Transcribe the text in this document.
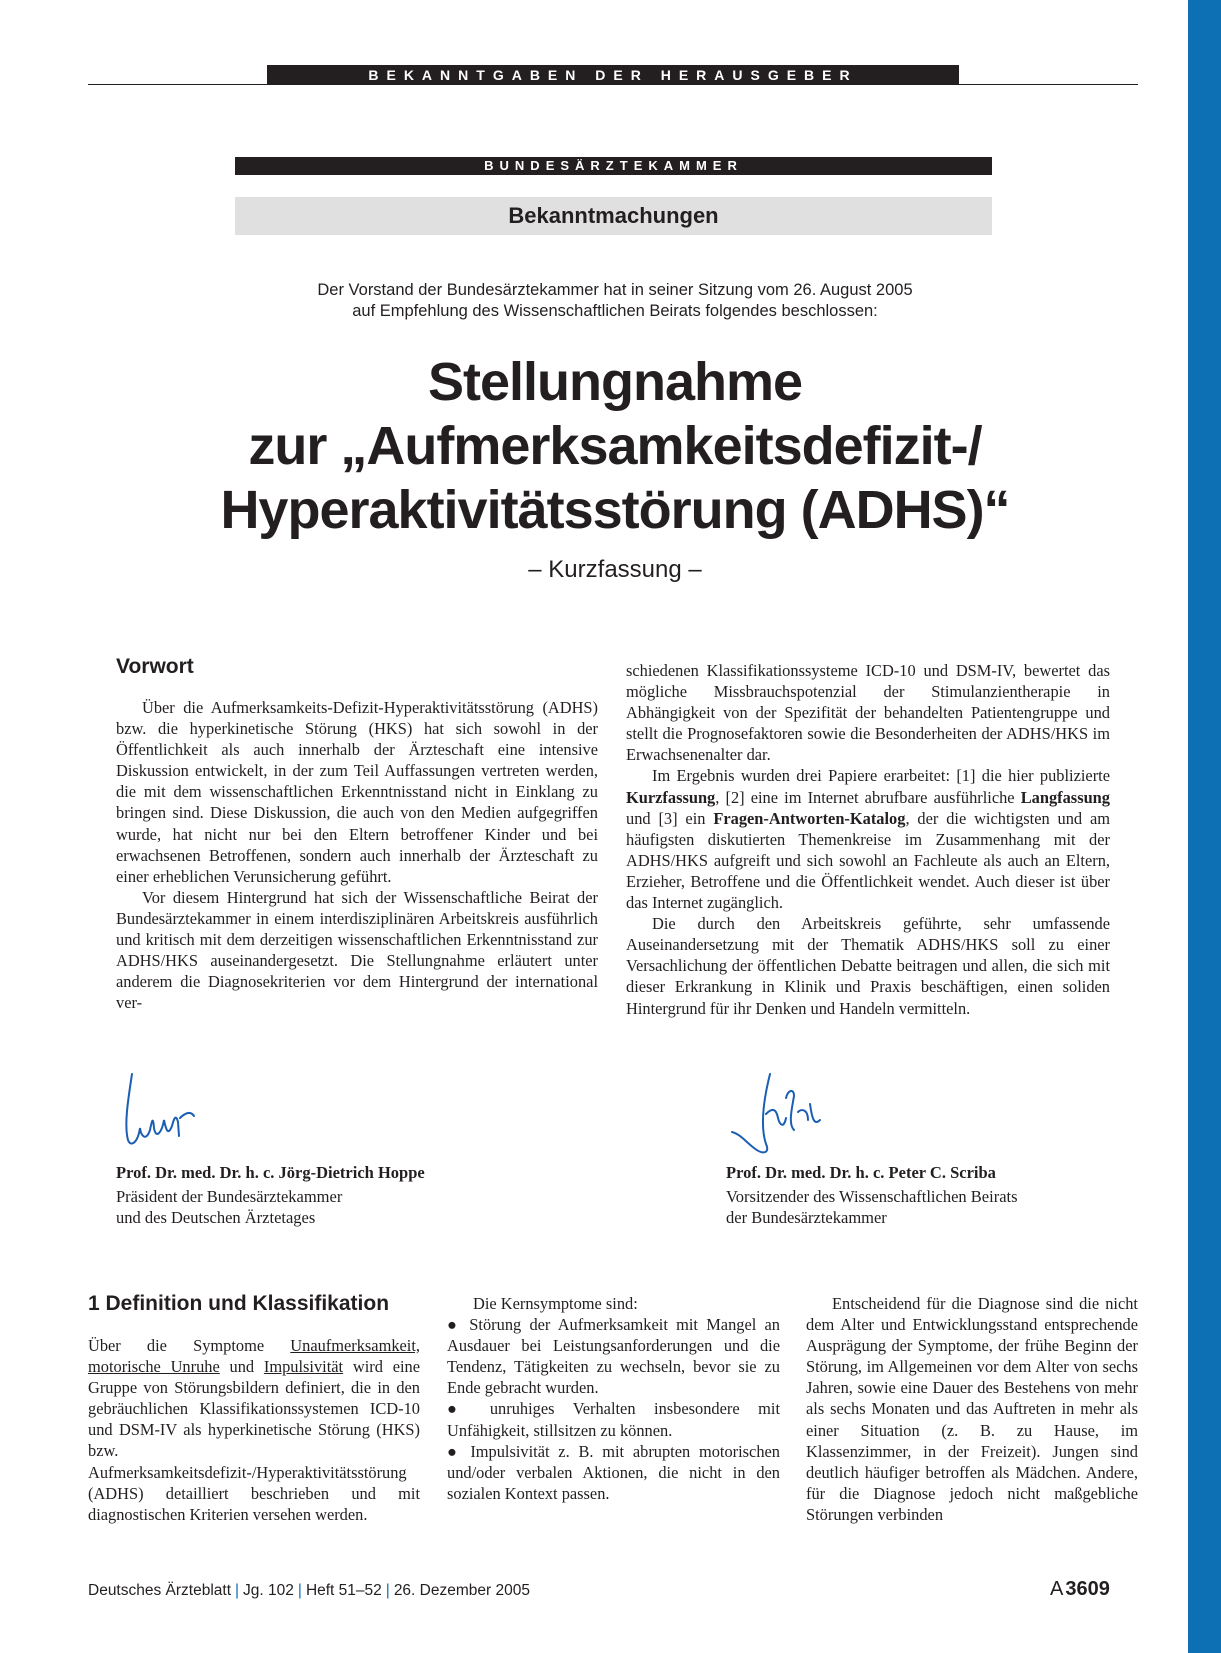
BEKANNTGABEN DER HERAUSGEBER
BUNDESÄRZTEKAMMER
Bekanntmachungen
Der Vorstand der Bundesärztekammer hat in seiner Sitzung vom 26. August 2005
auf Empfehlung des Wissenschaftlichen Beirats folgendes beschlossen:
Stellungnahme
zur „Aufmerksamkeitsdefizit-/
Hyperaktivitätsstörung (ADHS)“
– Kurzfassung –
Vorwort

Über die Aufmerksamkeits-Defizit-Hyperaktivitätsstörung (ADHS) bzw. die hyperkinetische Störung (HKS) hat sich sowohl in der Öffentlichkeit als auch innerhalb der Ärzteschaft eine intensive Diskussion entwickelt, in der zum Teil Auffassungen vertreten werden, die mit dem wissenschaftlichen Erkenntnisstand nicht in Einklang zu bringen sind. Diese Diskussion, die auch von den Medien aufgegriffen wurde, hat nicht nur bei den Eltern betroffener Kinder und bei erwachsenen Betroffenen, sondern auch innerhalb der Ärzteschaft zu einer erheblichen Verunsicherung geführt.

Vor diesem Hintergrund hat sich der Wissenschaftliche Beirat der Bundesärztekammer in einem interdisziplinären Arbeitskreis ausführlich und kritisch mit dem derzeitigen wissenschaftlichen Erkenntnisstand zur ADHS/HKS auseinandergesetzt. Die Stellungnahme erläutert unter anderem die Diagnosekriterien vor dem Hintergrund der international ver-

schiedenen Klassifikationssysteme ICD-10 und DSM-IV, bewertet das mögliche Missbrauchspotenzial der Stimulanzientherapie in Abhängigkeit von der Spezifität der behandelten Patientengruppe und stellt die Prognosefaktoren sowie die Besonderheiten der ADHS/HKS im Erwachsenenalter dar.

Im Ergebnis wurden drei Papiere erarbeitet: [1] die hier publizierte Kurzfassung, [2] eine im Internet abrufbare ausführliche Langfassung und [3] ein Fragen-Antworten-Katalog, der die wichtigsten und am häufigsten diskutierten Themenkreise im Zusammenhang mit der ADHS/HKS aufgreift und sich sowohl an Fachleute als auch an Eltern, Erzieher, Betroffene und die Öffentlichkeit wendet. Auch dieser ist über das Internet zugänglich.

Die durch den Arbeitskreis geführte, sehr umfassende Auseinandersetzung mit der Thematik ADHS/HKS soll zu einer Versachlichung der öffentlichen Debatte beitragen und allen, die sich mit dieser Erkrankung in Klinik und Praxis beschäftigen, einen soliden Hintergrund für ihr Denken und Handeln vermitteln.

Prof. Dr. med. Dr. h. c. Jörg-Dietrich Hoppe
Präsident der Bundesärztekammer
und des Deutschen Ärztetages
Prof. Dr. med. Dr. h. c. Peter C. Scriba
Vorsitzender des Wissenschaftlichen Beirats
der Bundesärztekammer
1 Definition und Klassifikation

Über die Symptome Unaufmerksamkeit, motorische Unruhe und Impulsivität wird eine Gruppe von Störungsbildern definiert, die in den gebräuchlichen Klassifikationssystemen ICD-10 und DSM-IV als hyperkinetische Störung (HKS) bzw. Aufmerksamkeitsdefizit-/Hyperaktivitätsstörung (ADHS) detailliert beschrieben und mit diagnostischen Kriterien versehen werden.

Die Kernsymptome sind:

● Störung der Aufmerksamkeit mit Mangel an Ausdauer bei Leistungsanforderungen und die Tendenz, Tätigkeiten zu wechseln, bevor sie zu Ende gebracht wurden.

● unruhiges Verhalten insbesondere mit Unfähigkeit, stillsitzen zu können.

● Impulsivität z. B. mit abrupten motorischen und/oder verbalen Aktionen, die nicht in den sozialen Kontext passen.

Entscheidend für die Diagnose sind die nicht dem Alter und Entwicklungsstand entsprechende Ausprägung der Symptome, der frühe Beginn der Störung, im Allgemeinen vor dem Alter von sechs Jahren, sowie eine Dauer des Bestehens von mehr als sechs Monaten und das Auftreten in mehr als einer Situation (z. B. zu Hause, im Klassenzimmer, in der Freizeit). Jungen sind deutlich häufiger betroffen als Mädchen. Andere, für die Diagnose jedoch nicht maßgebliche Störungen verbinden

Deutsches Ärzteblatt | Jg. 102 | Heft 51–52 | 26. Dezember 2005	A 3609
